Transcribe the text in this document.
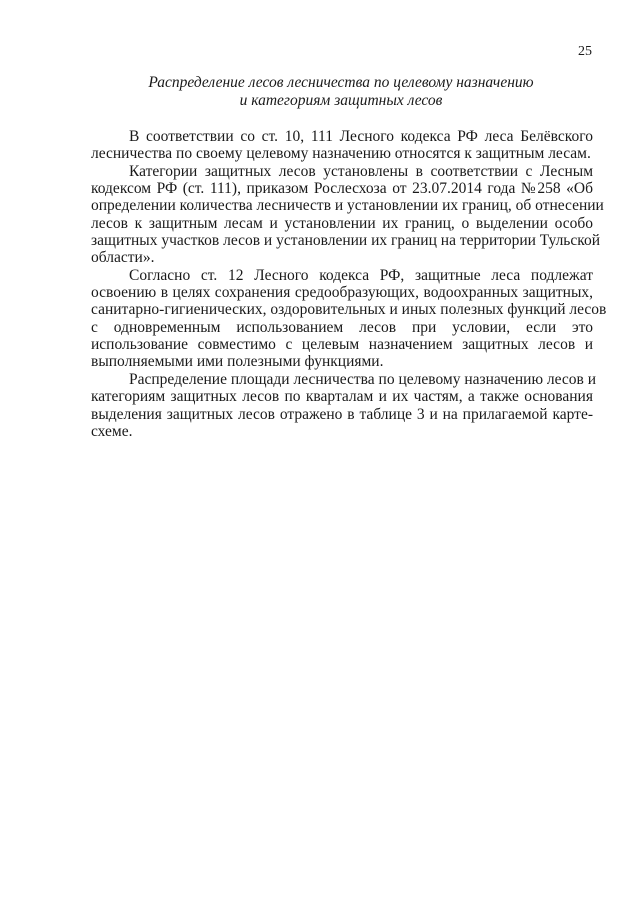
25
Распределение лесов лесничества по целевому назначению
и категориям защитных лесов
В соответствии со ст. 10, 111 Лесного кодекса РФ леса Белёвского
лесничества по своему целевому назначению относятся к защитным лесам.
Категории защитных лесов установлены в соответствии с Лесным
кодексом РФ (ст. 111), приказом Рослесхоза от 23.07.2014 года №258 «Об
определении количества лесничеств и установлении их границ, об отнесении
лесов к защитным лесам и установлении их границ, о выделении особо
защитных участков лесов и установлении их границ на территории Тульской
области».
Согласно ст. 12 Лесного кодекса РФ, защитные леса подлежат
освоению в целях сохранения средообразующих, водоохранных защитных,
санитарно-гигиенических, оздоровительных и иных полезных функций лесов
с одновременным использованием лесов при условии, если это
использование совместимо с целевым назначением защитных лесов и
выполняемыми ими полезными функциями.
Распределение площади лесничества по целевому назначению лесов и
категориям защитных лесов по кварталам и их частям, а также основания
выделения защитных лесов отражено в таблице 3 и на прилагаемой карте-
схеме.
